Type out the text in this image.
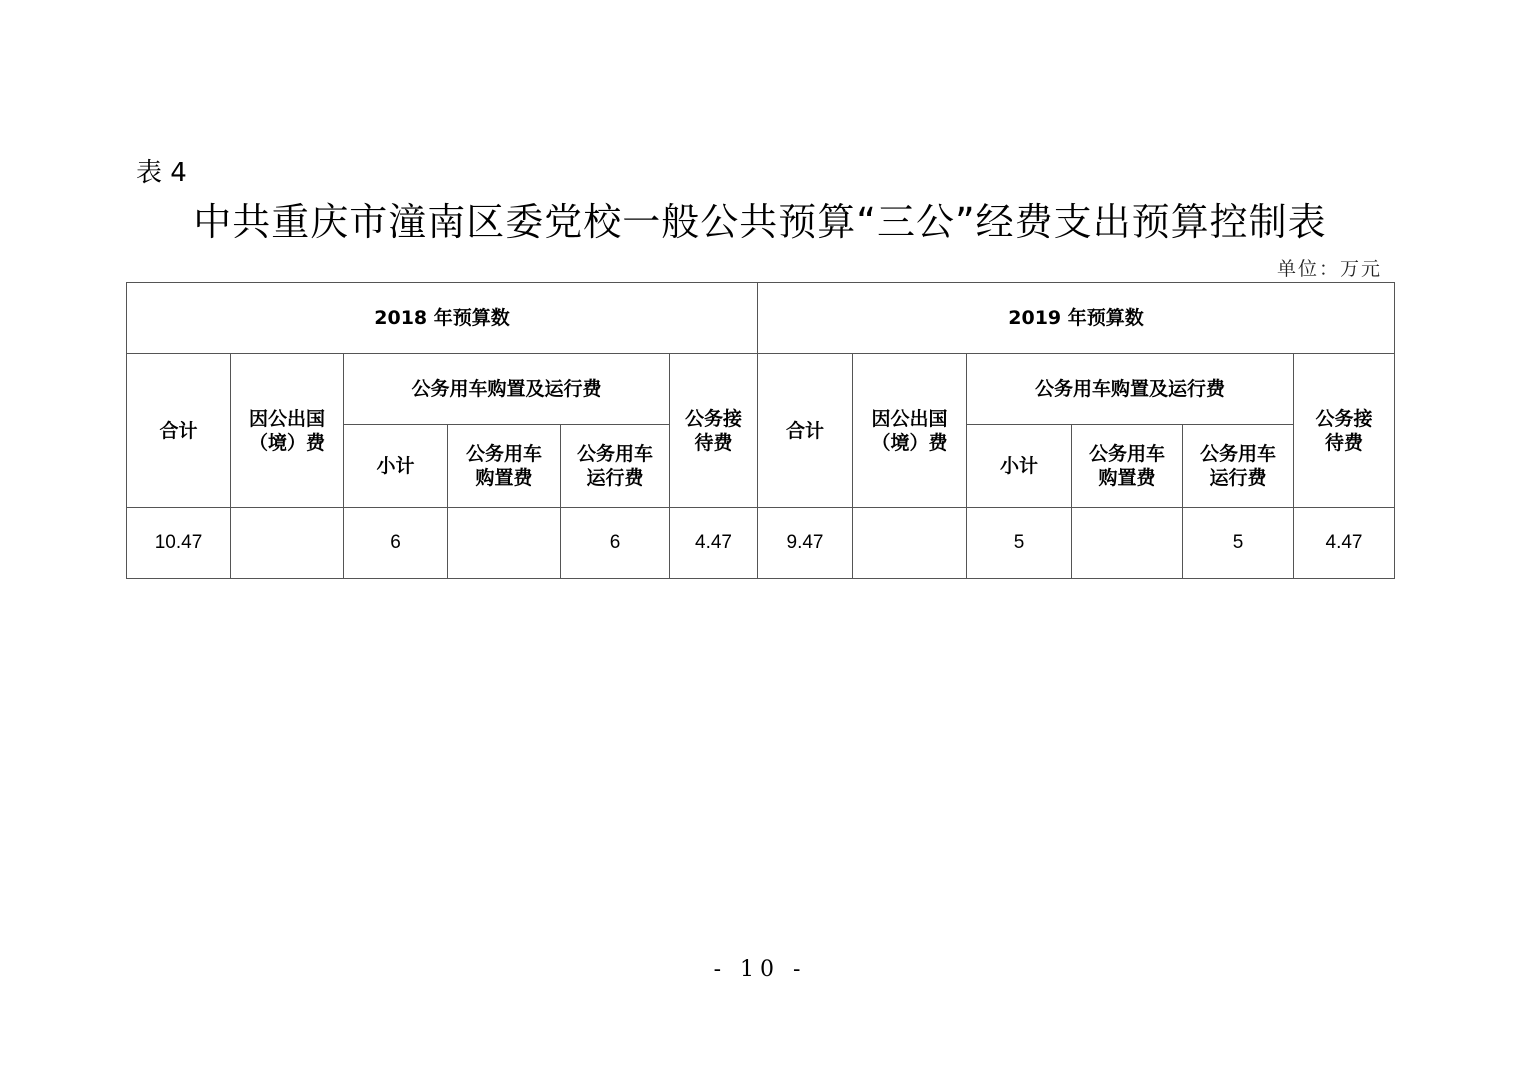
表 4
中共重庆市潼南区委党校一般公共预算“三公”经费支出预算控制表
单位：万元
2018 年预算数						2019 年预算数					
合计	因公出国（境）费	公务用车购置及运行费			公务接待费	合计	因公出国（境）费	公务用车购置及运行费			公务接待费

		小计	公务用车购置费	公务用车运行费				小计	公务用车购置费	公务用车运行费	

10.47		6		6	4.47	9.47		5		5	4.47
- 10 -
